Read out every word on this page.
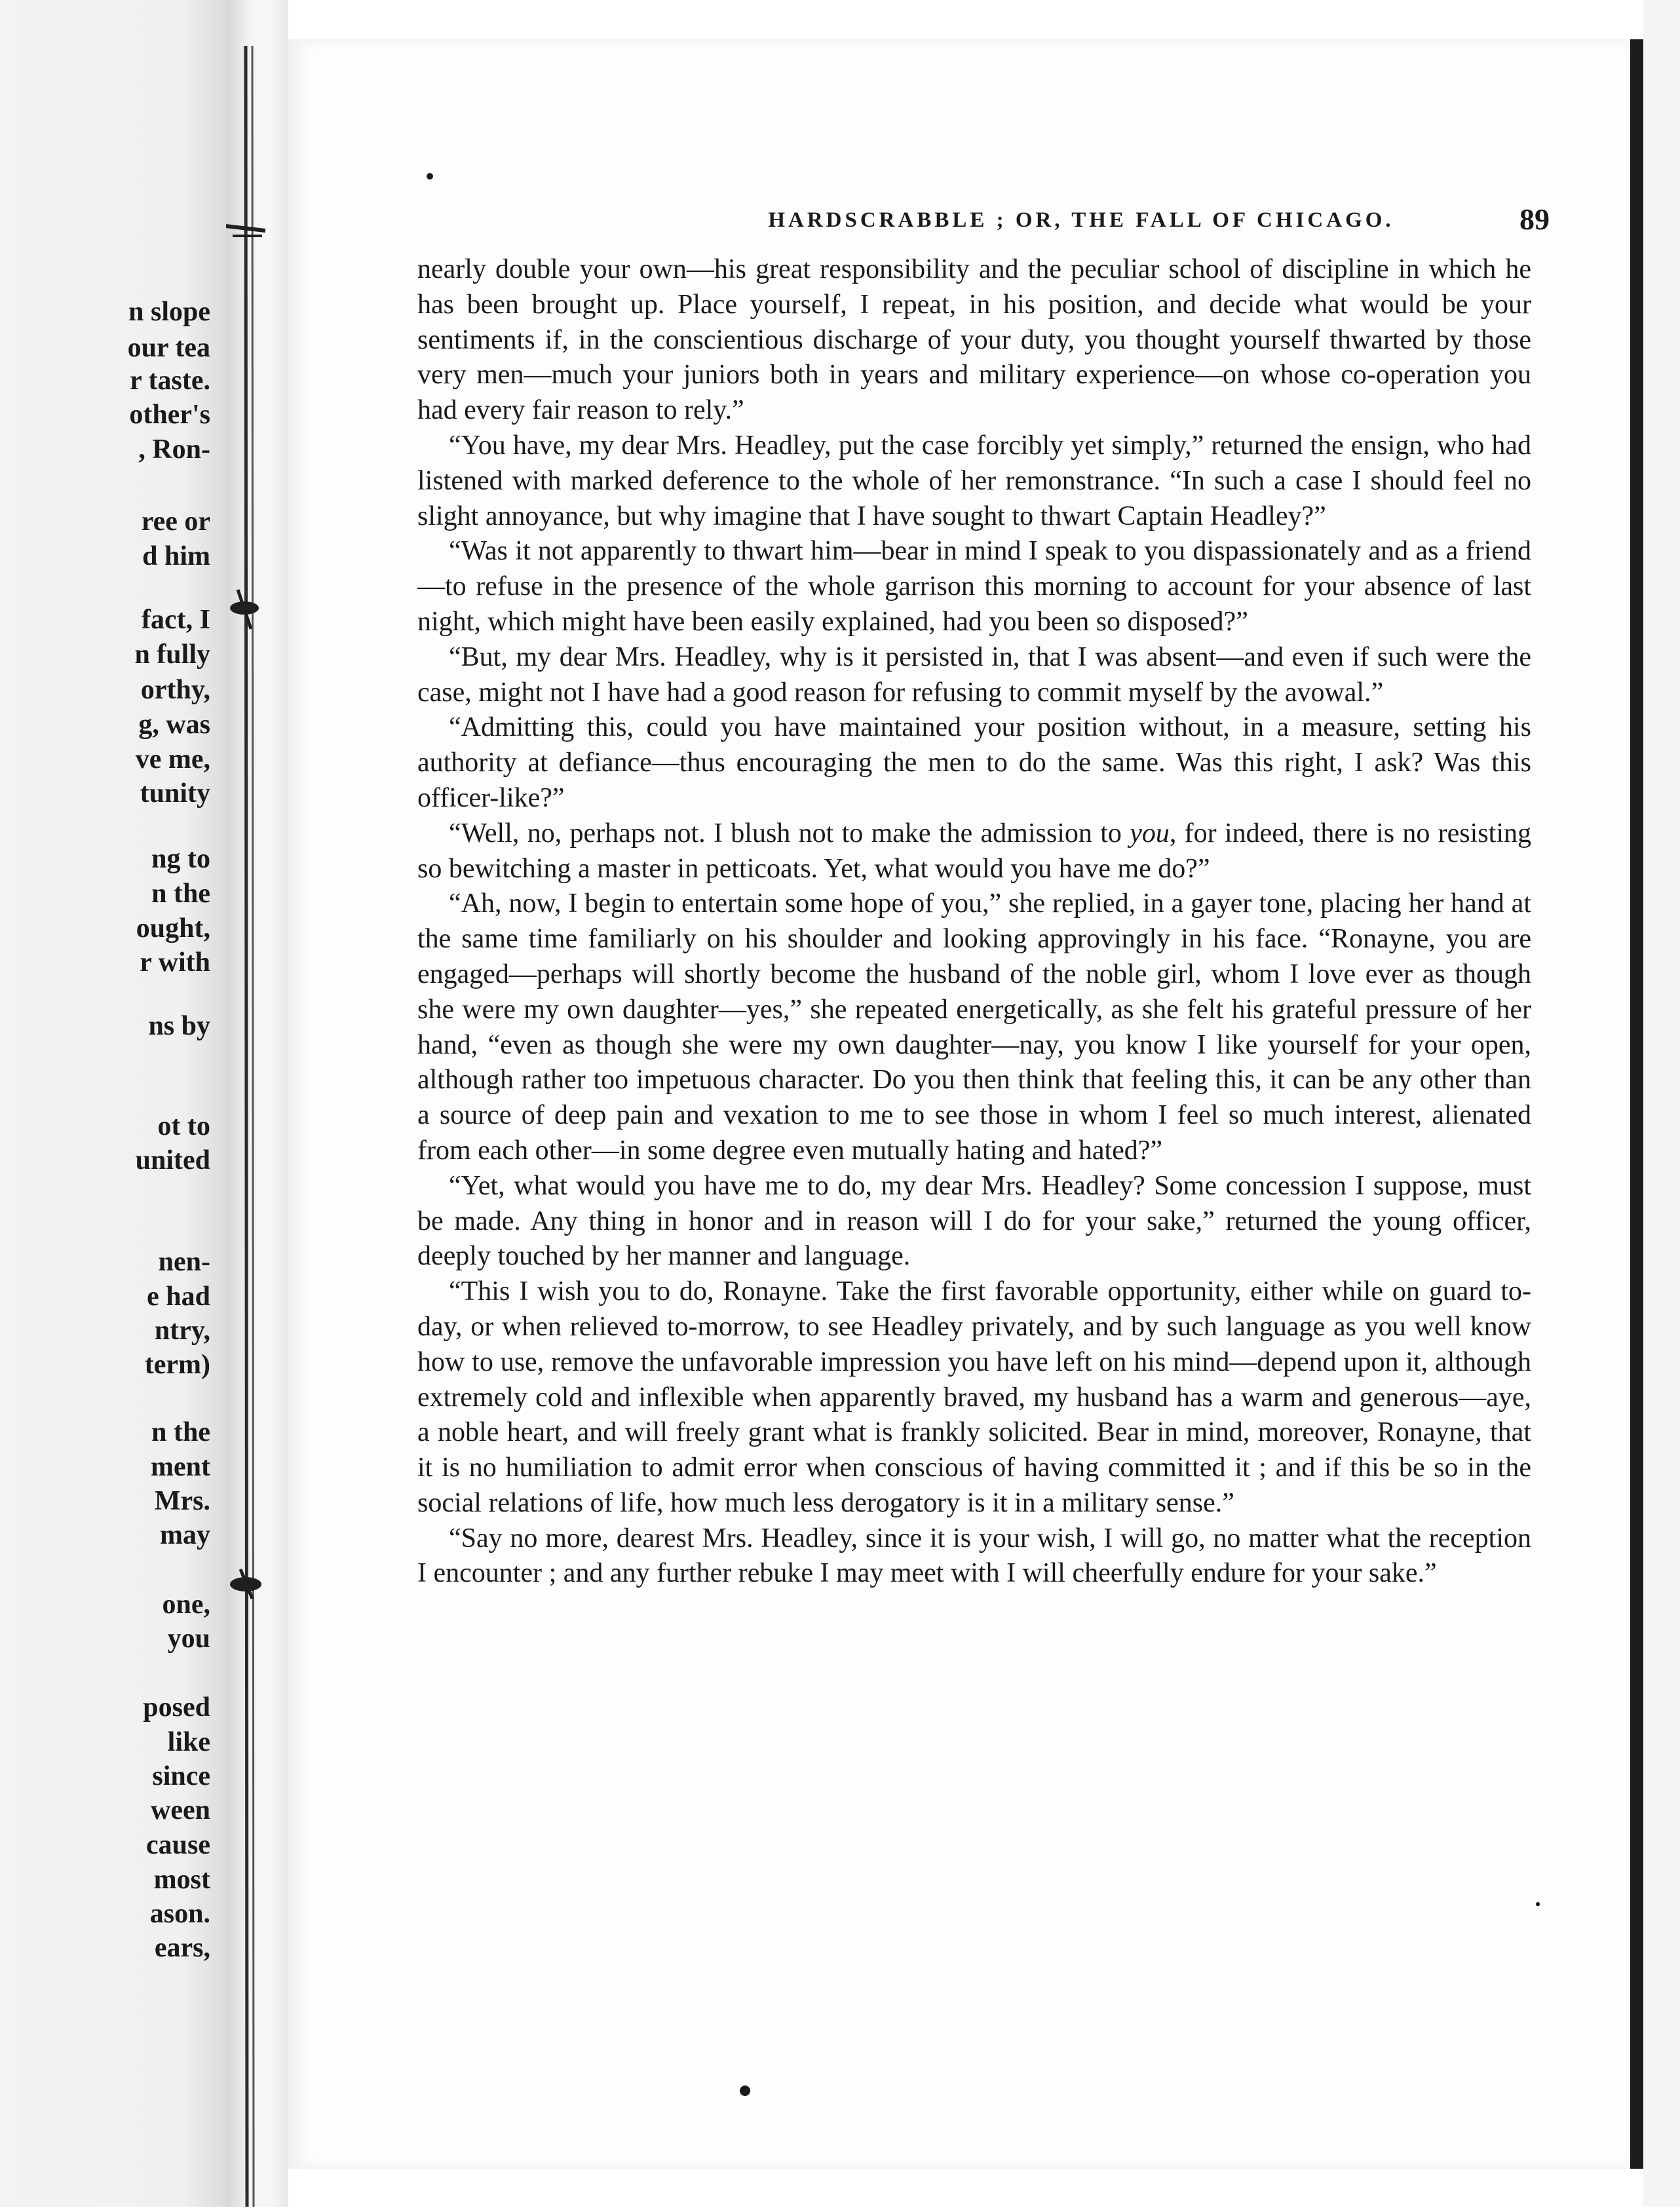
n slope
our tea
r taste.
other's
, Ron-
ree or
d him
fact, I
n fully
orthy,
g, was
ve me,
tunity
ng to
n the
ought,
r with
ns by
ot to
united
nen-
e had
ntry,
term)
n the
ment
Mrs.
may
one,
you
posed
like
since
ween
cause
most
ason.
ears,
HARDSCRABBLE ; OR, THE FALL OF CHICAGO.	89

nearly double your own—his great responsibility and the peculiar school of discipline in which he has been brought up. Place yourself, I repeat, in his position, and decide what would be your sentiments if, in the conscientious discharge of your duty, you thought yourself thwarted by those very men—much your juniors both in years and military experience—on whose co-operation you had every fair reason to rely.”

“You have, my dear Mrs. Headley, put the case forcibly yet simply,” returned the ensign, who had listened with marked deference to the whole of her remonstrance. “In such a case I should feel no slight annoyance, but why imagine that I have sought to thwart Captain Headley?”

“Was it not apparently to thwart him—bear in mind I speak to you dispassionately and as a friend—to refuse in the presence of the whole garrison this morning to account for your absence of last night, which might have been easily explained, had you been so disposed?”

“But, my dear Mrs. Headley, why is it persisted in, that I was absent—and even if such were the case, might not I have had a good reason for refusing to commit myself by the avowal.”

“Admitting this, could you have maintained your position without, in a measure, setting his authority at defiance—thus encouraging the men to do the same. Was this right, I ask? Was this officer-like?”

“Well, no, perhaps not. I blush not to make the admission to you, for indeed, there is no resisting so bewitching a master in petticoats. Yet, what would you have me do?”

“Ah, now, I begin to entertain some hope of you,” she replied, in a gayer tone, placing her hand at the same time familiarly on his shoulder and looking approvingly in his face. “Ronayne, you are engaged—perhaps will shortly become the husband of the noble girl, whom I love ever as though she were my own daughter—yes,” she repeated energetically, as she felt his grateful pressure of her hand, “even as though she were my own daughter—nay, you know I like yourself for your open, although rather too impetuous character. Do you then think that feeling this, it can be any other than a source of deep pain and vexation to me to see those in whom I feel so much interest, alienated from each other—in some degree even mutually hating and hated?”

“Yet, what would you have me to do, my dear Mrs. Headley? Some concession I suppose, must be made. Any thing in honor and in reason will I do for your sake,” returned the young officer, deeply touched by her manner and language.

“This I wish you to do, Ronayne. Take the first favorable opportunity, either while on guard to-day, or when relieved to-morrow, to see Headley privately, and by such language as you well know how to use, remove the unfavorable impression you have left on his mind—depend upon it, although extremely cold and inflexible when apparently braved, my husband has a warm and generous—aye, a noble heart, and will freely grant what is frankly solicited. Bear in mind, moreover, Ronayne, that it is no humiliation to admit error when conscious of having committed it ; and if this be so in the social relations of life, how much less derogatory is it in a military sense.”

“Say no more, dearest Mrs. Headley, since it is your wish, I will go, no matter what the reception I encounter ; and any further rebuke I may meet with I will cheerfully endure for your sake.”

•
